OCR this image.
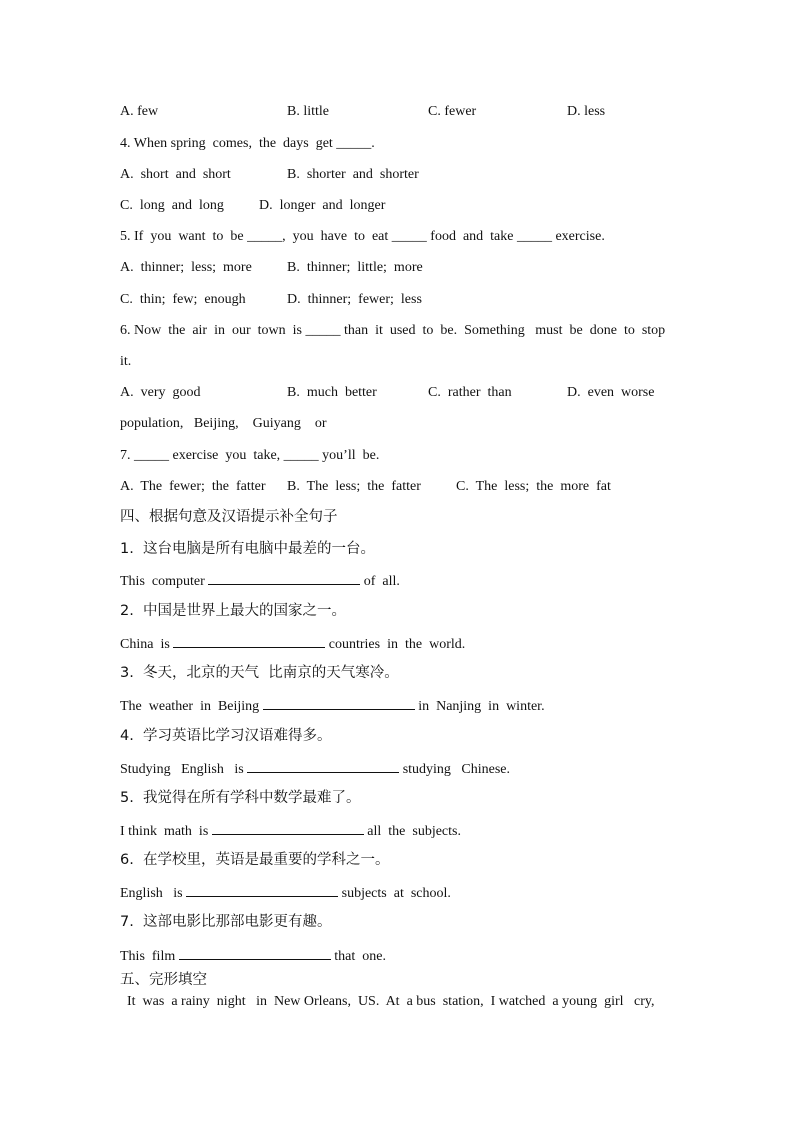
A. few	B. little	C. fewer	D. less
4. When spring  comes,  the  days  get _____.
A.  short  and  short	B.  shorter  and  shorter
C.  long  and  long	D.  longer  and  longer
5. If  you  want  to  be _____,  you  have  to  eat _____ food  and  take _____ exercise.
A.  thinner;  less;  more	B.  thinner;  little;  more
C.  thin;  few;  enough	D.  thinner;  fewer;  less
6. Now  the  air  in  our  town  is _____ than  it  used  to  be.  Something   must  be  done  to  stop
it.
A.  very  good	B.  much  better	C.  rather  than	D.  even  worse
population,   Beijing,    Guiyang    or
7. _____ exercise  you  take, _____ you’ll  be.
A.  The  fewer;  the  fatter B.  The  less;  the  fatter	C.  The  less;  the  more  fat
四、根据句意及汉语提示补全句子
1.  这台电脑是所有电脑中最差的一台。
This  computer	of  all.
2.  中国是世界上最大的国家之一。
China  is	countries  in  the  world.
3.  冬天，北京的天气  比南京的天气寒冷。
The  weather  in  Beijing	in  Nanjing  in  winter.
4.  学习英语比学习汉语难得多。
Studying   English   is	studying   Chinese.
5.  我觉得在所有学科中数学最难了。
I think  math  is	all  the  subjects.
6.  在学校里，英语是最重要的学科之一。
English   is	subjects  at  school.
7.  这部电影比那部电影更有趣。
This  film	that  one.
五、完形填空
It  was  a rainy  night   in  New Orleans,  US.  At  a bus  station,  I watched  a young  girl   cry,
